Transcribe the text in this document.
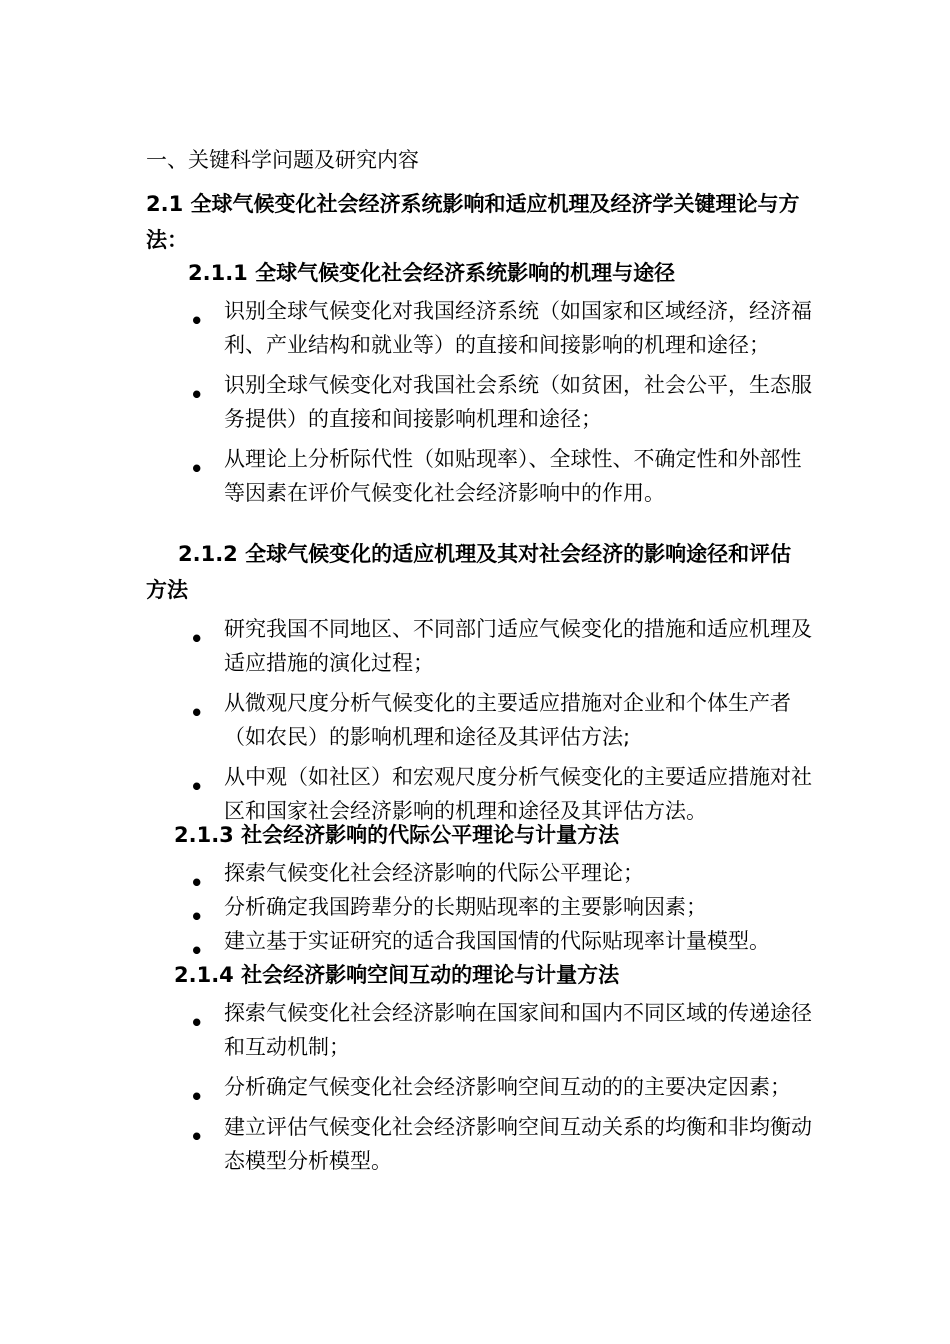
一、关键科学问题及研究内容
2.1 全球气候变化社会经济系统影响和适应机理及经济学关键理论与方法：
2.1.1 全球气候变化社会经济系统影响的机理与途径
• 识别全球气候变化对我国经济系统（如国家和区域经济，经济福利、产业结构和就业等）的直接和间接影响的机理和途径；
• 识别全球气候变化对我国社会系统（如贫困，社会公平，生态服务提供）的直接和间接影响机理和途径；
• 从理论上分析际代性（如贴现率）、全球性、不确定性和外部性等因素在评价气候变化社会经济影响中的作用。
2.1.2 全球气候变化的适应机理及其对社会经济的影响途径和评估方法
• 研究我国不同地区、不同部门适应气候变化的措施和适应机理及适应措施的演化过程；
• 从微观尺度分析气候变化的主要适应措施对企业和个体生产者（如农民）的影响机理和途径及其评估方法;
• 从中观（如社区）和宏观尺度分析气候变化的主要适应措施对社区和国家社会经济影响的机理和途径及其评估方法。
2.1.3 社会经济影响的代际公平理论与计量方法
• 探索气候变化社会经济影响的代际公平理论；
• 分析确定我国跨辈分的长期贴现率的主要影响因素；
• 建立基于实证研究的适合我国国情的代际贴现率计量模型。
2.1.4 社会经济影响空间互动的理论与计量方法
• 探索气候变化社会经济影响在国家间和国内不同区域的传递途径和互动机制；
• 分析确定气候变化社会经济影响空间互动的的主要决定因素；
• 建立评估气候变化社会经济影响空间互动关系的均衡和非均衡动态模型分析模型。
